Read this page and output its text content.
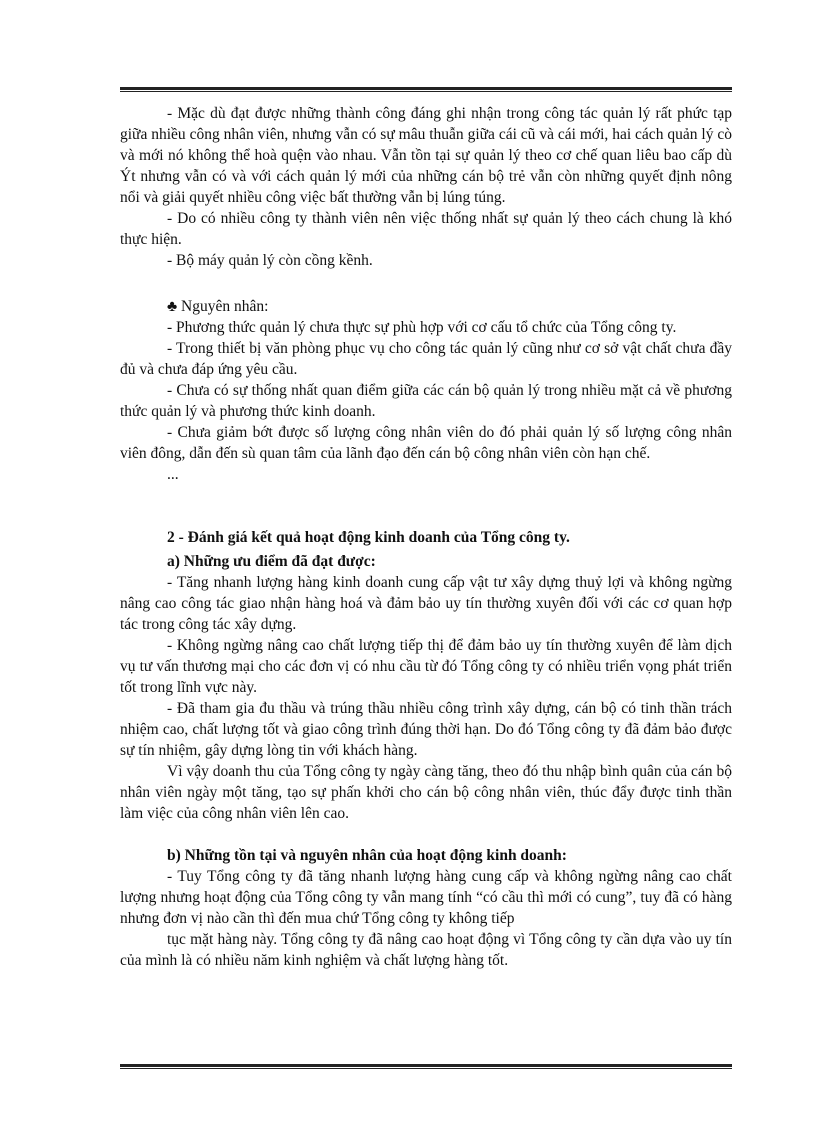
- Mặc dù đạt được những thành công đáng ghi nhận trong công tác quản lý rất phức tạp giữa nhiều công nhân viên, nhưng vẫn có sự mâu thuẫn giữa cái cũ và cái mới, hai cách quản lý cò và mới nó không thể hoà quện vào nhau. Vẫn tồn tại sự quản lý theo cơ chế quan liêu bao cấp dù Ýt nhưng vẫn có và với cách quản lý mới của những cán bộ trẻ vẫn còn những quyết định nông nổi và giải quyết nhiều công việc bất thường vẫn bị lúng túng.

- Do có nhiều công ty thành viên nên việc thống nhất sự quản lý theo cách chung là khó thực hiện.

- Bộ máy quản lý còn cồng kềnh.

♣ Nguyên nhân:

- Phương thức quản lý chưa thực sự phù hợp với cơ cấu tổ chức của Tổng công ty.

- Trong thiết bị văn phòng phục vụ cho công tác quản lý cũng như cơ sở vật chất chưa đầy đủ và chưa đáp ứng yêu cầu.

- Chưa có sự thống nhất quan điểm giữa các cán bộ quản lý trong nhiều mặt cả về phương thức quản lý và phương thức kinh doanh.

- Chưa giảm bớt được số lượng công nhân viên do đó phải quản lý số lượng công nhân viên đông, dẫn đến sù quan tâm của lãnh đạo đến cán bộ công nhân viên còn hạn chế.

...

2 - Đánh giá kết quả hoạt động kinh doanh của Tổng công ty.

a) Những ưu điểm đã đạt được:

- Tăng nhanh lượng hàng kinh doanh cung cấp vật tư xây dựng thuỷ lợi và không ngừng nâng cao công tác giao nhận hàng hoá và đảm bảo uy tín thường xuyên đối với các cơ quan hợp tác trong công tác xây dựng.

- Không ngừng nâng cao chất lượng tiếp thị để đảm bảo uy tín thường xuyên để làm dịch vụ tư vấn thương mại cho các đơn vị có nhu cầu từ đó Tổng công ty có nhiều triển vọng phát triển tốt trong lĩnh vực này.

- Đã tham gia đu thầu và trúng thầu nhiều công trình xây dựng, cán bộ có tinh thần trách nhiệm cao, chất lượng tốt và giao công trình đúng thời hạn. Do đó Tổng công ty đã đảm bảo được sự tín nhiệm, gây dựng lòng tin với khách hàng.

Vì vậy doanh thu của Tổng công ty ngày càng tăng, theo đó thu nhập bình quân của cán bộ nhân viên ngày một tăng, tạo sự phấn khởi cho cán bộ công nhân viên, thúc đẩy được tinh thần làm việc của công nhân viên lên cao.

b) Những tồn tại và nguyên nhân của hoạt động kinh doanh:

- Tuy Tổng công ty đã tăng nhanh lượng hàng cung cấp và không ngừng nâng cao chất lượng nhưng hoạt động của Tổng công ty vẫn mang tính “có cầu thì mới có cung”, tuy đã có hàng nhưng đơn vị nào cần thì đến mua chứ Tổng công ty không tiếp

tục mặt hàng này. Tổng công ty đã nâng cao hoạt động vì Tổng công ty cần dựa vào uy tín của mình là có nhiều năm kinh nghiệm và chất lượng hàng tốt.
